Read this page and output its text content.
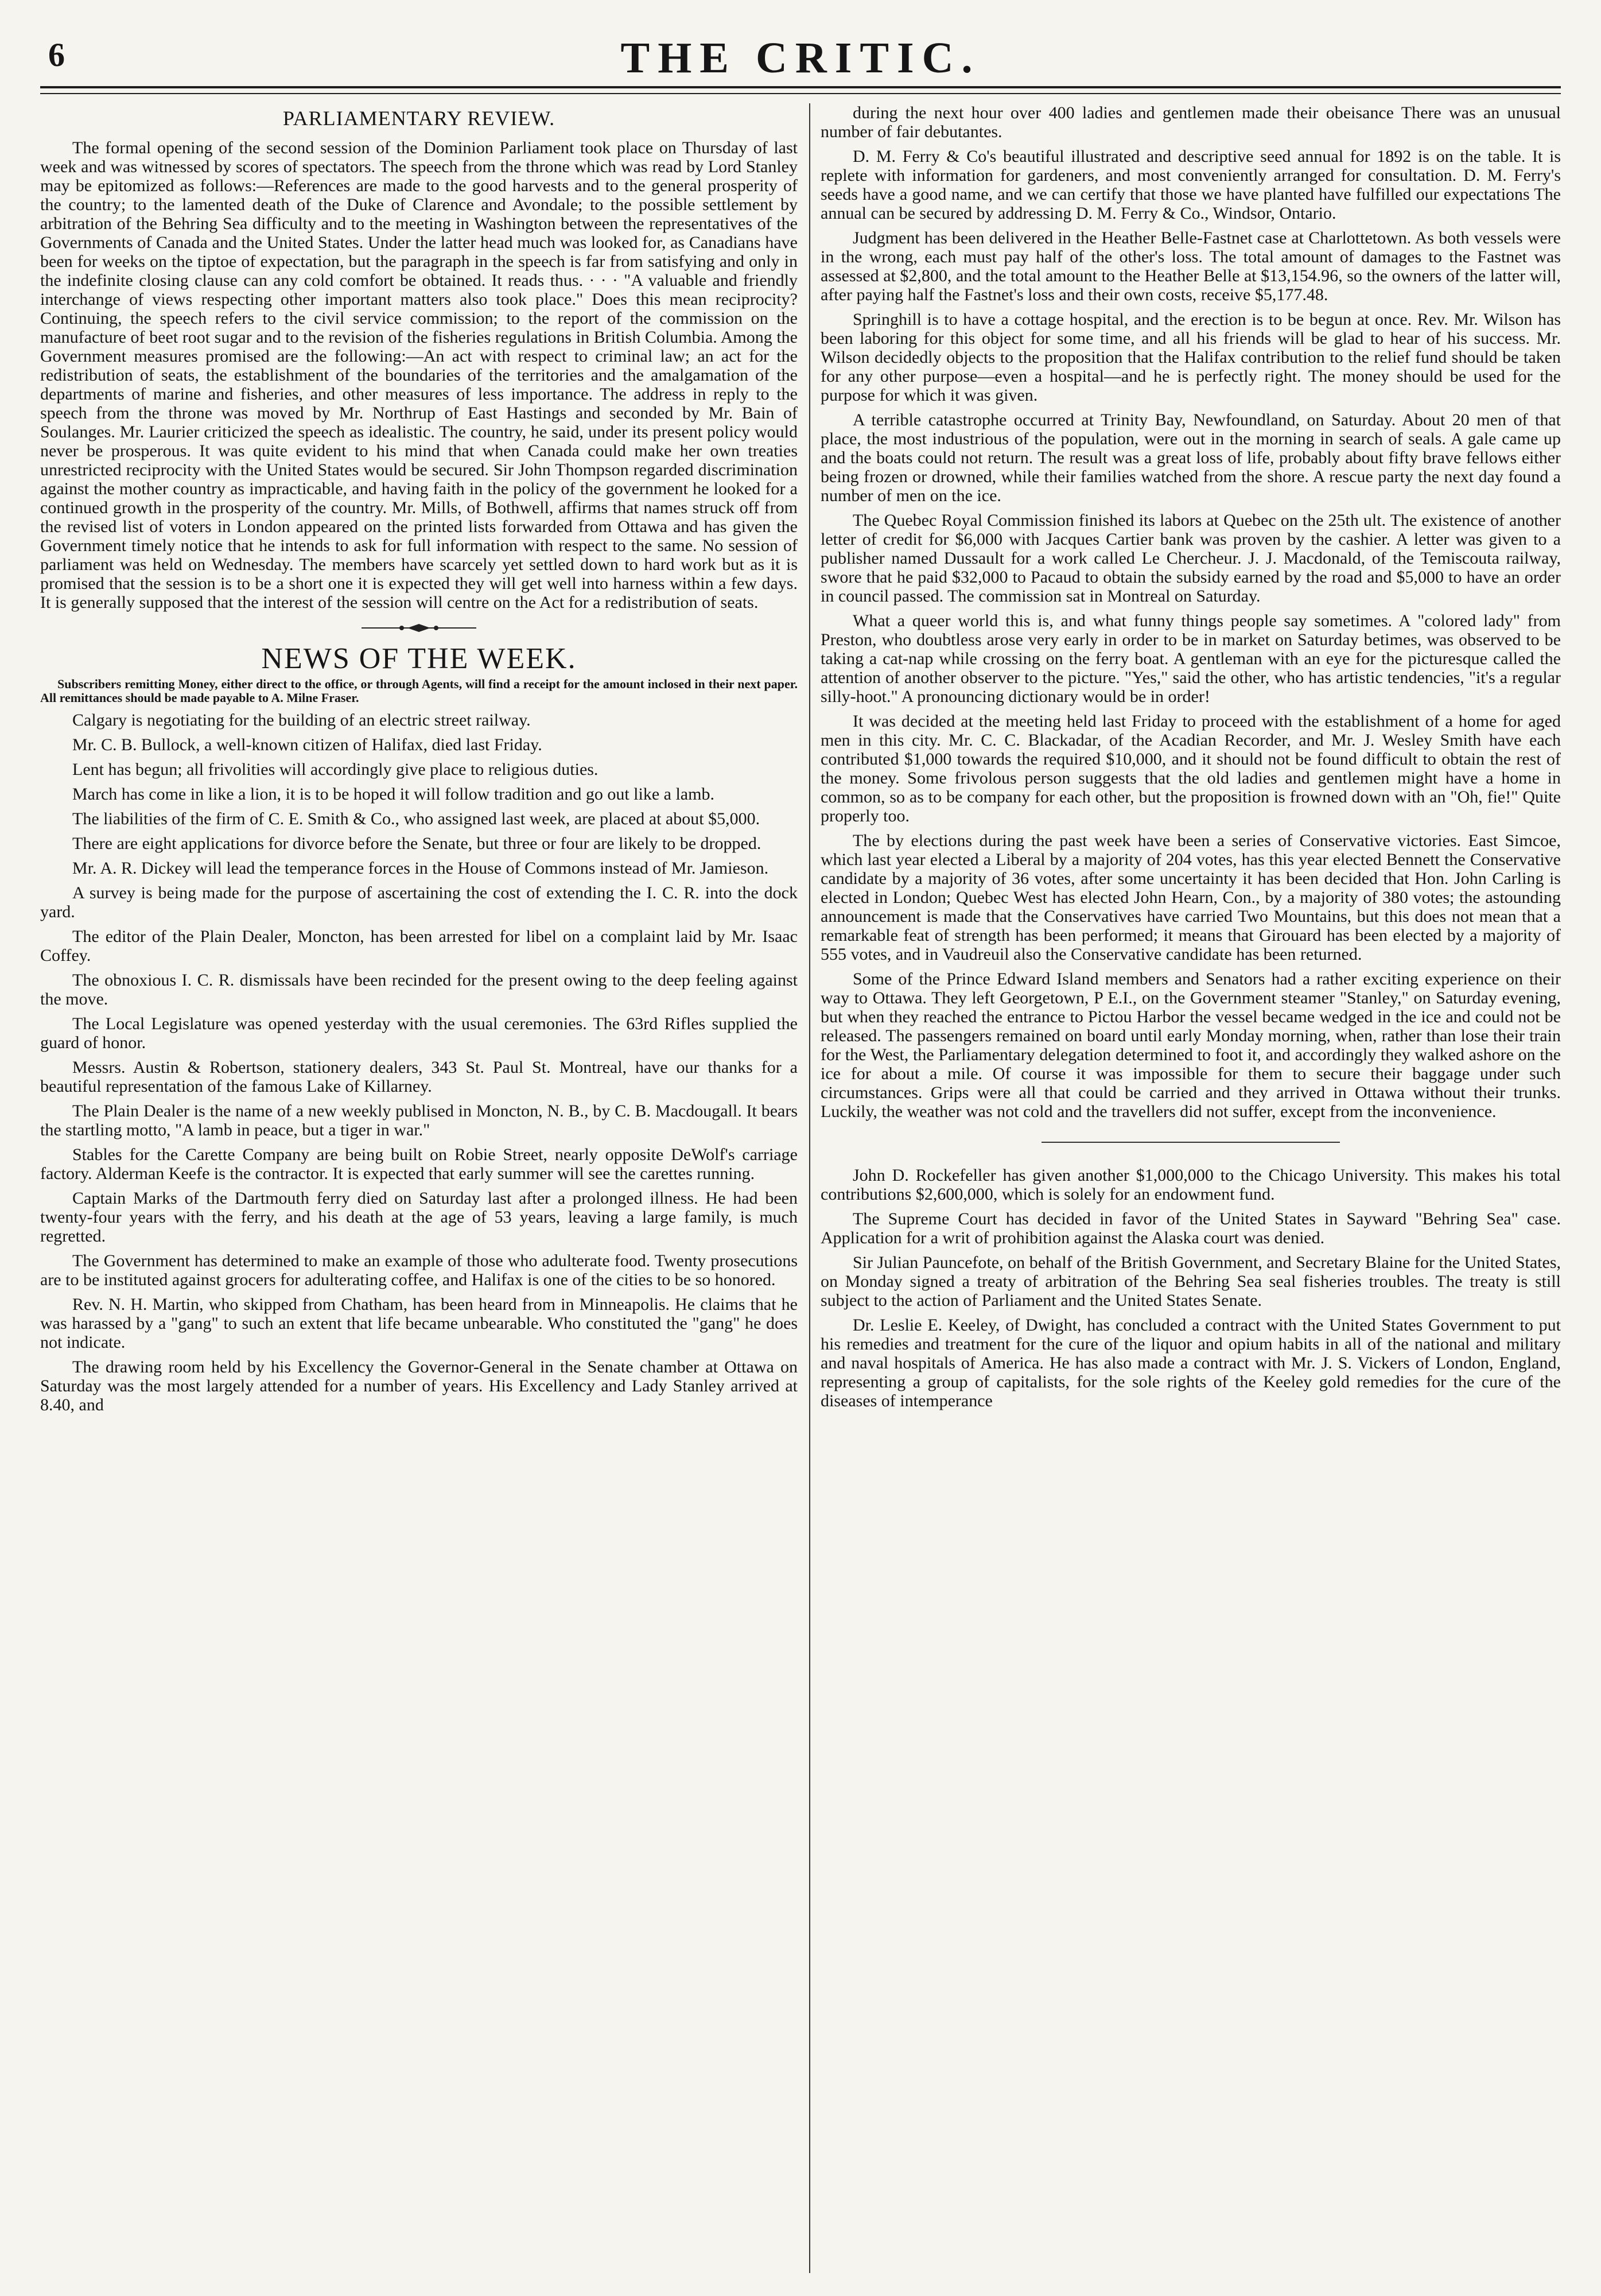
6	THE CRITIC.
PARLIAMENTARY REVIEW.

The formal opening of the second session of the Dominion Parliament took place on Thursday of last week and was witnessed by scores of spectators. The speech from the throne which was read by Lord Stanley may be epitomized as follows:—References are made to the good harvests and to the general prosperity of the country; to the lamented death of the Duke of Clarence and Avondale; to the possible settlement by arbitration of the Behring Sea difficulty and to the meeting in Washington between the representatives of the Governments of Canada and the United States. Under the latter head much was looked for, as Canadians have been for weeks on the tiptoe of expectation, but the paragraph in the speech is far from satisfying and only in the indefinite closing clause can any cold comfort be obtained. It reads thus. · · · "A valuable and friendly interchange of views respecting other important matters also took place." Does this mean reciprocity? Continuing, the speech refers to the civil service commission; to the report of the commission on the manufacture of beet root sugar and to the revision of the fisheries regulations in British Columbia. Among the Government measures promised are the following:—An act with respect to criminal law; an act for the redistribution of seats, the establishment of the boundaries of the territories and the amalgamation of the departments of marine and fisheries, and other measures of less importance. The address in reply to the speech from the throne was moved by Mr. Northrup of East Hastings and seconded by Mr. Bain of Soulanges. Mr. Laurier criticized the speech as idealistic. The country, he said, under its present policy would never be prosperous. It was quite evident to his mind that when Canada could make her own treaties unrestricted reciprocity with the United States would be secured. Sir John Thompson regarded discrimination against the mother country as impracticable, and having faith in the policy of the government he looked for a continued growth in the prosperity of the country. Mr. Mills, of Bothwell, affirms that names struck off from the revised list of voters in London appeared on the printed lists forwarded from Ottawa and has given the Government timely notice that he intends to ask for full information with respect to the same. No session of parliament was held on Wednesday. The members have scarcely yet settled down to hard work but as it is promised that the session is to be a short one it is expected they will get well into harness within a few days. It is generally supposed that the interest of the session will centre on the Act for a redistribution of seats.

NEWS OF THE WEEK.

Subscribers remitting Money, either direct to the office, or through Agents, will find a receipt for the amount inclosed in their next paper. All remittances should be made payable to A. Milne Fraser.

Calgary is negotiating for the building of an electric street railway.

Mr. C. B. Bullock, a well-known citizen of Halifax, died last Friday.

Lent has begun; all frivolities will accordingly give place to religious duties.

March has come in like a lion, it is to be hoped it will follow tradition and go out like a lamb.

The liabilities of the firm of C. E. Smith & Co., who assigned last week, are placed at about $5,000.

There are eight applications for divorce before the Senate, but three or four are likely to be dropped.

Mr. A. R. Dickey will lead the temperance forces in the House of Commons instead of Mr. Jamieson.

A survey is being made for the purpose of ascertaining the cost of extending the I. C. R. into the dock yard.

The editor of the Plain Dealer, Moncton, has been arrested for libel on a complaint laid by Mr. Isaac Coffey.

The obnoxious I. C. R. dismissals have been recinded for the present owing to the deep feeling against the move.

The Local Legislature was opened yesterday with the usual ceremonies. The 63rd Rifles supplied the guard of honor.

Messrs. Austin & Robertson, stationery dealers, 343 St. Paul St. Montreal, have our thanks for a beautiful representation of the famous Lake of Killarney.

The Plain Dealer is the name of a new weekly publised in Moncton, N. B., by C. B. Macdougall. It bears the startling motto, "A lamb in peace, but a tiger in war."

Stables for the Carette Company are being built on Robie Street, nearly opposite DeWolf's carriage factory. Alderman Keefe is the contractor. It is expected that early summer will see the carettes running.

Captain Marks of the Dartmouth ferry died on Saturday last after a prolonged illness. He had been twenty-four years with the ferry, and his death at the age of 53 years, leaving a large family, is much regretted.

The Government has determined to make an example of those who adulterate food. Twenty prosecutions are to be instituted against grocers for adulterating coffee, and Halifax is one of the cities to be so honored.

Rev. N. H. Martin, who skipped from Chatham, has been heard from in Minneapolis. He claims that he was harassed by a "gang" to such an extent that life became unbearable. Who constituted the "gang" he does not indicate.

The drawing room held by his Excellency the Governor-General in the Senate chamber at Ottawa on Saturday was the most largely attended for a number of years. His Excellency and Lady Stanley arrived at 8.40, and

during the next hour over 400 ladies and gentlemen made their obeisance There was an unusual number of fair debutantes.

D. M. Ferry & Co's beautiful illustrated and descriptive seed annual for 1892 is on the table. It is replete with information for gardeners, and most conveniently arranged for consultation. D. M. Ferry's seeds have a good name, and we can certify that those we have planted have fulfilled our expectations The annual can be secured by addressing D. M. Ferry & Co., Windsor, Ontario.

Judgment has been delivered in the Heather Belle-Fastnet case at Charlottetown. As both vessels were in the wrong, each must pay half of the other's loss. The total amount of damages to the Fastnet was assessed at $2,800, and the total amount to the Heather Belle at $13,154.96, so the owners of the latter will, after paying half the Fastnet's loss and their own costs, receive $5,177.48.

Springhill is to have a cottage hospital, and the erection is to be begun at once. Rev. Mr. Wilson has been laboring for this object for some time, and all his friends will be glad to hear of his success. Mr. Wilson decidedly objects to the proposition that the Halifax contribution to the relief fund should be taken for any other purpose—even a hospital—and he is perfectly right. The money should be used for the purpose for which it was given.

A terrible catastrophe occurred at Trinity Bay, Newfoundland, on Saturday. About 20 men of that place, the most industrious of the population, were out in the morning in search of seals. A gale came up and the boats could not return. The result was a great loss of life, probably about fifty brave fellows either being frozen or drowned, while their families watched from the shore. A rescue party the next day found a number of men on the ice.

The Quebec Royal Commission finished its labors at Quebec on the 25th ult. The existence of another letter of credit for $6,000 with Jacques Cartier bank was proven by the cashier. A letter was given to a publisher named Dussault for a work called Le Chercheur. J. J. Macdonald, of the Temiscouta railway, swore that he paid $32,000 to Pacaud to obtain the subsidy earned by the road and $5,000 to have an order in council passed. The commission sat in Montreal on Saturday.

What a queer world this is, and what funny things people say sometimes. A "colored lady" from Preston, who doubtless arose very early in order to be in market on Saturday betimes, was observed to be taking a cat-nap while crossing on the ferry boat. A gentleman with an eye for the picturesque called the attention of another observer to the picture. "Yes," said the other, who has artistic tendencies, "it's a regular silly-hoot." A pronouncing dictionary would be in order!

It was decided at the meeting held last Friday to proceed with the establishment of a home for aged men in this city. Mr. C. C. Blackadar, of the Acadian Recorder, and Mr. J. Wesley Smith have each contributed $1,000 towards the required $10,000, and it should not be found difficult to obtain the rest of the money. Some frivolous person suggests that the old ladies and gentlemen might have a home in common, so as to be company for each other, but the proposition is frowned down with an "Oh, fie!" Quite properly too.

The by elections during the past week have been a series of Conservative victories. East Simcoe, which last year elected a Liberal by a majority of 204 votes, has this year elected Bennett the Conservative candidate by a majority of 36 votes, after some uncertainty it has been decided that Hon. John Carling is elected in London; Quebec West has elected John Hearn, Con., by a majority of 380 votes; the astounding announcement is made that the Conservatives have carried Two Mountains, but this does not mean that a remarkable feat of strength has been performed; it means that Girouard has been elected by a majority of 555 votes, and in Vaudreuil also the Conservative candidate has been returned.

Some of the Prince Edward Island members and Senators had a rather exciting experience on their way to Ottawa. They left Georgetown, P E.I., on the Government steamer "Stanley," on Saturday evening, but when they reached the entrance to Pictou Harbor the vessel became wedged in the ice and could not be released. The passengers remained on board until early Monday morning, when, rather than lose their train for the West, the Parliamentary delegation determined to foot it, and accordingly they walked ashore on the ice for about a mile. Of course it was impossible for them to secure their baggage under such circumstances. Grips were all that could be carried and they arrived in Ottawa without their trunks. Luckily, the weather was not cold and the travellers did not suffer, except from the inconvenience.

John D. Rockefeller has given another $1,000,000 to the Chicago University. This makes his total contributions $2,600,000, which is solely for an endowment fund.

The Supreme Court has decided in favor of the United States in Sayward "Behring Sea" case. Application for a writ of prohibition against the Alaska court was denied.

Sir Julian Pauncefote, on behalf of the British Government, and Secretary Blaine for the United States, on Monday signed a treaty of arbitration of the Behring Sea seal fisheries troubles. The treaty is still subject to the action of Parliament and the United States Senate.

Dr. Leslie E. Keeley, of Dwight, has concluded a contract with the United States Government to put his remedies and treatment for the cure of the liquor and opium habits in all of the national and military and naval hospitals of America. He has also made a contract with Mr. J. S. Vickers of London, England, representing a group of capitalists, for the sole rights of the Keeley gold remedies for the cure of the diseases of intemperance
